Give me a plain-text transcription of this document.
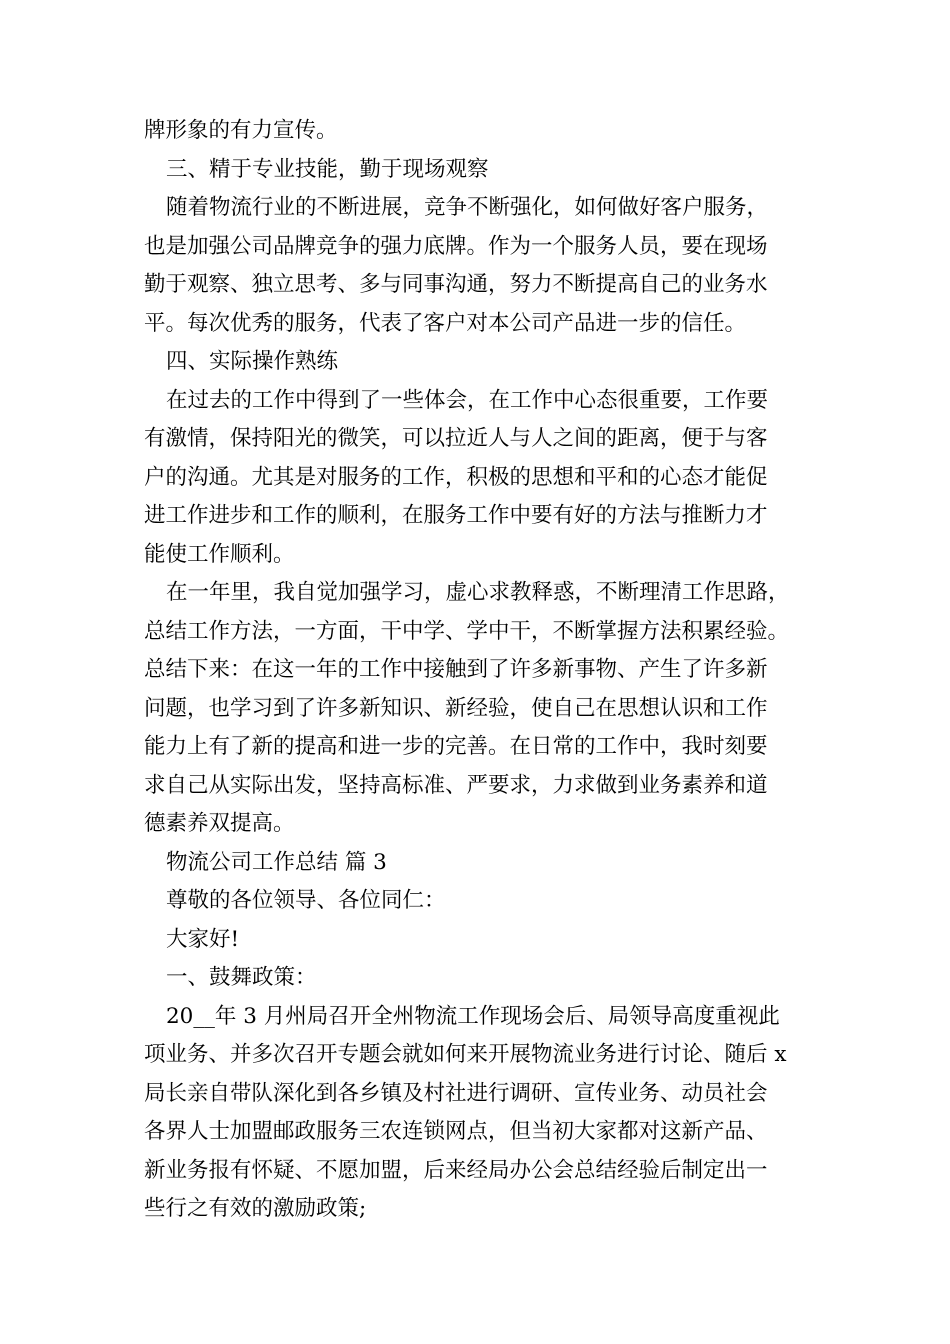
牌形象的有力宣传。
三、精于专业技能，勤于现场观察
随着物流行业的不断进展，竞争不断强化，如何做好客户服务，
也是加强公司品牌竞争的强力底牌。作为一个服务人员，要在现场
勤于观察、独立思考、多与同事沟通，努力不断提高自己的业务水
平。每次优秀的服务，代表了客户对本公司产品进一步的信任。
四、实际操作熟练
在过去的工作中得到了一些体会，在工作中心态很重要，工作要
有激情，保持阳光的微笑，可以拉近人与人之间的距离，便于与客
户的沟通。尤其是对服务的工作，积极的思想和平和的心态才能促
进工作进步和工作的顺利，在服务工作中要有好的方法与推断力才
能使工作顺利。
在一年里，我自觉加强学习，虚心求教释惑，不断理清工作思路，
总结工作方法，一方面，干中学、学中干，不断掌握方法积累经验。
总结下来：在这一年的工作中接触到了许多新事物、产生了许多新
问题，也学习到了许多新知识、新经验，使自己在思想认识和工作
能力上有了新的提高和进一步的完善。在日常的工作中，我时刻要
求自己从实际出发，坚持高标准、严要求，力求做到业务素养和道
德素养双提高。
物流公司工作总结 篇 3
尊敬的各位领导、各位同仁：
大家好!
一、鼓舞政策：
20__年 3 月州局召开全州物流工作现场会后、局领导高度重视此
项业务、并多次召开专题会就如何来开展物流业务进行讨论、随后 x
局长亲自带队深化到各乡镇及村社进行调研、宣传业务、动员社会
各界人士加盟邮政服务三农连锁网点，但当初大家都对这新产品、
新业务报有怀疑、不愿加盟，后来经局办公会总结经验后制定出一
些行之有效的激励政策;
